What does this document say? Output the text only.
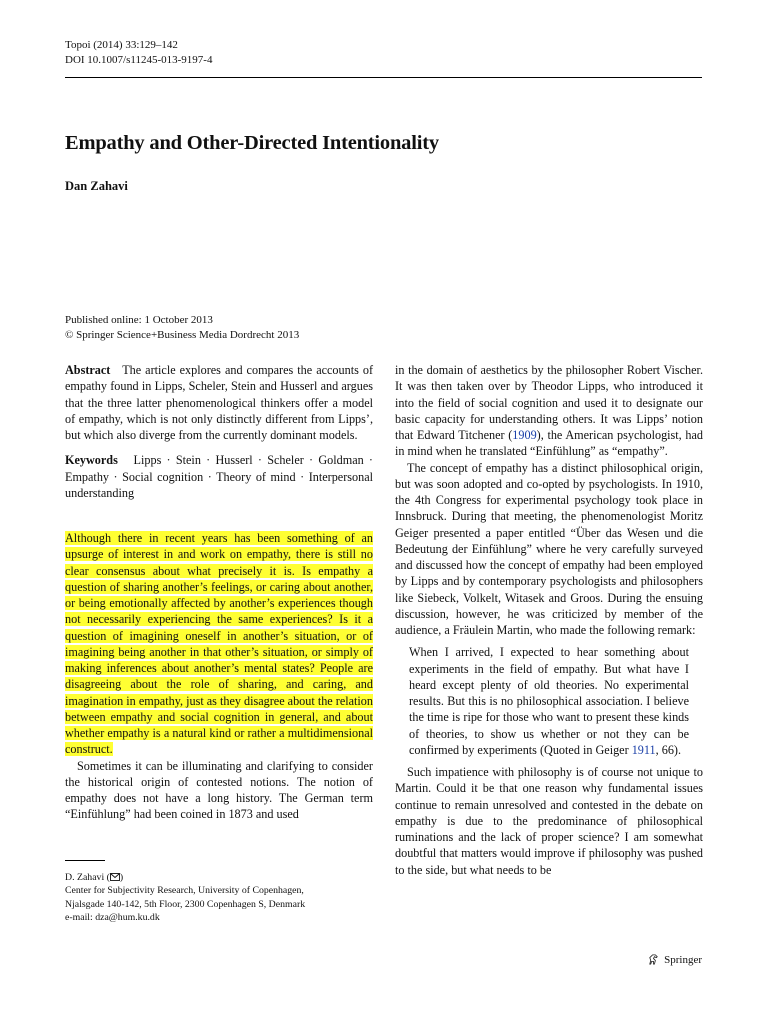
Topoi (2014) 33:129–142
DOI 10.1007/s11245-013-9197-4
Empathy and Other-Directed Intentionality
Dan Zahavi
Published online: 1 October 2013
© Springer Science+Business Media Dordrecht 2013

Abstract The article explores and compares the accounts of empathy found in Lipps, Scheler, Stein and Husserl and argues that the three latter phenomenological thinkers offer a model of empathy, which is not only distinctly different from Lipps’, but which also diverge from the currently dominant models.

Keywords Lipps · Stein · Husserl · Scheler · Goldman · Empathy · Social cognition · Theory of mind · Interpersonal understanding

Although there in recent years has been something of an upsurge of interest in and work on empathy, there is still no clear consensus about what precisely it is. Is empathy a question of sharing another’s feelings, or caring about another, or being emotionally affected by another’s experiences though not necessarily experiencing the same experiences? Is it a question of imagining oneself in another’s situation, or of imagining being another in that other’s situation, or simply of making inferences about another’s mental states? People are disagreeing about the role of sharing, and caring, and imagination in empathy, just as they disagree about the relation between empathy and social cognition in general, and about whether empathy is a natural kind or rather a multidimensional construct.

Sometimes it can be illuminating and clarifying to consider the historical origin of contested notions. The notion of empathy does not have a long history. The German term “Einfühlung” had been coined in 1873 and used

in the domain of aesthetics by the philosopher Robert Vischer. It was then taken over by Theodor Lipps, who introduced it into the field of social cognition and used it to designate our basic capacity for understanding others. It was Lipps’ notion that Edward Titchener (1909), the American psychologist, had in mind when he translated “Einfühlung” as “empathy”.

The concept of empathy has a distinct philosophical origin, but was soon adopted and co-opted by psychologists. In 1910, the 4th Congress for experimental psychology took place in Innsbruck. During that meeting, the phenomenologist Moritz Geiger presented a paper entitled “Über das Wesen und die Bedeutung der Einfühlung” where he very carefully surveyed and discussed how the concept of empathy had been employed by Lipps and by contemporary psychologists and philosophers like Siebeck, Volkelt, Witasek and Groos. During the ensuing discussion, however, he was criticized by member of the audience, a Fräulein Martin, who made the following remark:

When I arrived, I expected to hear something about experiments in the field of empathy. But what have I heard except plenty of old theories. No experimental results. But this is no philosophical association. I believe the time is ripe for those who want to present these kinds of theories, to show us whether or not they can be confirmed by experiments (Quoted in Geiger 1911, 66).

Such impatience with philosophy is of course not unique to Martin. Could it be that one reason why fundamental issues continue to remain unresolved and contested in the debate on empathy is due to the predominance of philosophical ruminations and the lack of proper science? I am somewhat doubtful that matters would improve if philosophy was pushed to the side, but what needs to be

D. Zahavi ( )
Center for Subjectivity Research, University of Copenhagen,
Njalsgade 140-142, 5th Floor, 2300 Copenhagen S, Denmark
e-mail: dza@hum.ku.dk
Springer
